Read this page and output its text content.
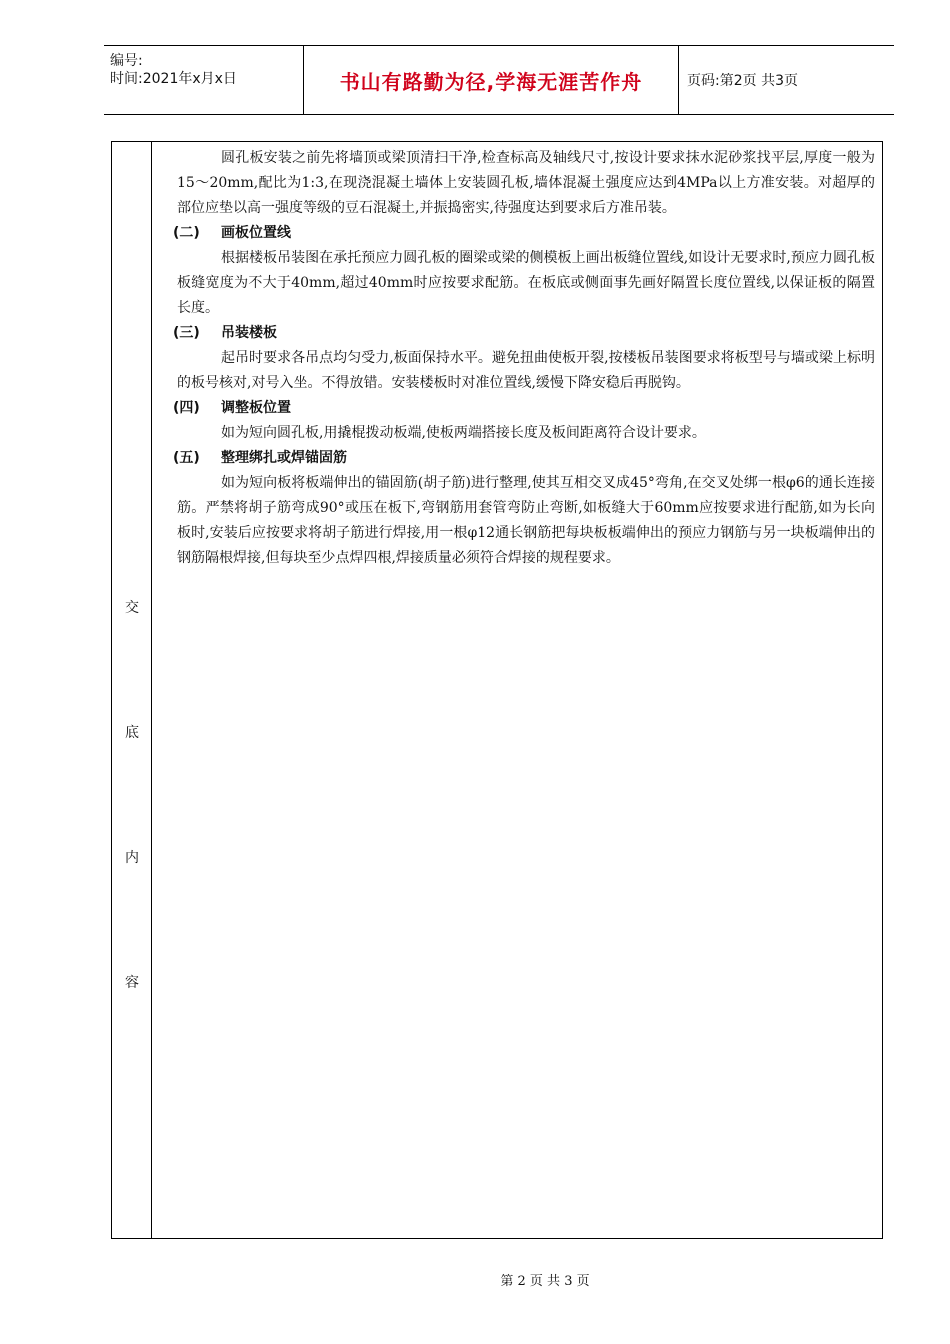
编号:
时间:2021年x月x日	书山有路勤为径,学海无涯苦作舟	页码:第2页 共3页
交
底
内
容

圆孔板安装之前先将墙顶或梁顶清扫干净,检查标高及轴线尺寸,按设计要求抹水泥砂浆找平层,厚度一般为15～20mm,配比为1:3,在现浇混凝土墙体上安装圆孔板,墙体混凝土强度应达到4MPa以上方准安装。对超厚的部位应垫以高一强度等级的豆石混凝土,并振捣密实,待强度达到要求后方准吊装。

(二) 画板位置线

根据楼板吊装图在承托预应力圆孔板的圈梁或梁的侧模板上画出板缝位置线,如设计无要求时,预应力圆孔板板缝宽度为不大于40mm,超过40mm时应按要求配筋。在板底或侧面事先画好隔置长度位置线,以保证板的隔置长度。

(三) 吊装楼板

起吊时要求各吊点均匀受力,板面保持水平。避免扭曲使板开裂,按楼板吊装图要求将板型号与墙或梁上标明的板号核对,对号入坐。不得放错。安装楼板时对准位置线,缓慢下降安稳后再脱钩。

(四) 调整板位置

如为短向圆孔板,用撬棍拨动板端,使板两端搭接长度及板间距离符合设计要求。

(五) 整理绑扎或焊锚固筋

如为短向板将板端伸出的锚固筋(胡子筋)进行整理,使其互相交叉成45°弯角,在交叉处绑一根φ6的通长连接筋。严禁将胡子筋弯成90°或压在板下,弯钢筋用套管弯防止弯断,如板缝大于60mm应按要求进行配筋,如为长向板时,安装后应按要求将胡子筋进行焊接,用一根φ12通长钢筋把每块板板端伸出的预应力钢筋与另一块板端伸出的钢筋隔根焊接,但每块至少点焊四根,焊接质量必须符合焊接的规程要求。

第 2 页 共 3 页
